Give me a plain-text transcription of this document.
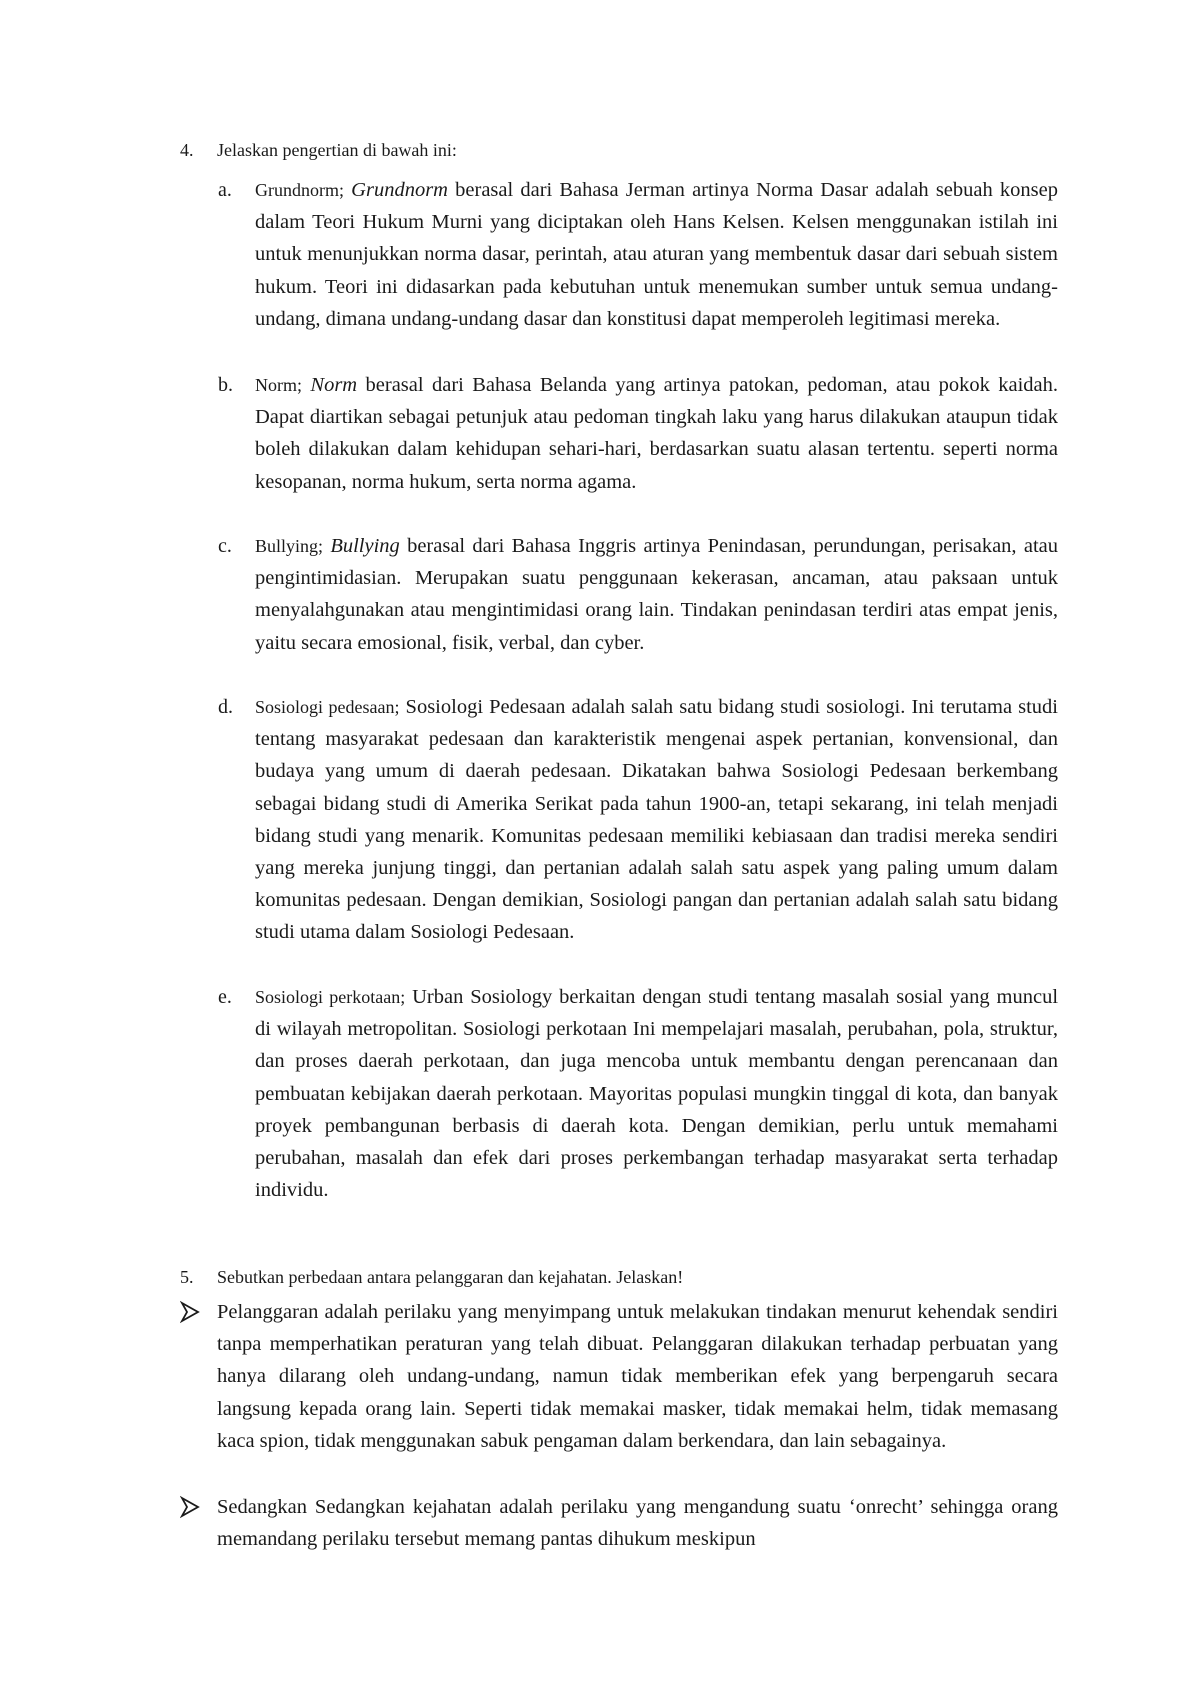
4. Jelaskan pengertian di bawah ini:
a. Grundnorm; Grundnorm berasal dari Bahasa Jerman artinya Norma Dasar adalah sebuah konsep dalam Teori Hukum Murni yang diciptakan oleh Hans Kelsen. Kelsen menggunakan istilah ini untuk menunjukkan norma dasar, perintah, atau aturan yang membentuk dasar dari sebuah sistem hukum. Teori ini didasarkan pada kebutuhan untuk menemukan sumber untuk semua undang-undang, dimana undang-undang dasar dan konstitusi dapat memperoleh legitimasi mereka.
b. Norm; Norm berasal dari Bahasa Belanda yang artinya patokan, pedoman, atau pokok kaidah. Dapat diartikan sebagai petunjuk atau pedoman tingkah laku yang harus dilakukan ataupun tidak boleh dilakukan dalam kehidupan sehari-hari, berdasarkan suatu alasan tertentu. seperti norma kesopanan, norma hukum, serta norma agama.
c. Bullying; Bullying berasal dari Bahasa Inggris artinya Penindasan, perundungan, perisakan, atau pengintimidasian. Merupakan suatu penggunaan kekerasan, ancaman, atau paksaan untuk menyalahgunakan atau mengintimidasi orang lain. Tindakan penindasan terdiri atas empat jenis, yaitu secara emosional, fisik, verbal, dan cyber.
d. Sosiologi pedesaan; Sosiologi Pedesaan adalah salah satu bidang studi sosiologi. Ini terutama studi tentang masyarakat pedesaan dan karakteristik mengenai aspek pertanian, konvensional, dan budaya yang umum di daerah pedesaan. Dikatakan bahwa Sosiologi Pedesaan berkembang sebagai bidang studi di Amerika Serikat pada tahun 1900-an, tetapi sekarang, ini telah menjadi bidang studi yang menarik. Komunitas pedesaan memiliki kebiasaan dan tradisi mereka sendiri yang mereka junjung tinggi, dan pertanian adalah salah satu aspek yang paling umum dalam komunitas pedesaan. Dengan demikian, Sosiologi pangan dan pertanian adalah salah satu bidang studi utama dalam Sosiologi Pedesaan.
e. Sosiologi perkotaan; Urban Sosiology berkaitan dengan studi tentang masalah sosial yang muncul di wilayah metropolitan. Sosiologi perkotaan Ini mempelajari masalah, perubahan, pola, struktur, dan proses daerah perkotaan, dan juga mencoba untuk membantu dengan perencanaan dan pembuatan kebijakan daerah perkotaan. Mayoritas populasi mungkin tinggal di kota, dan banyak proyek pembangunan berbasis di daerah kota. Dengan demikian, perlu untuk memahami perubahan, masalah dan efek dari proses perkembangan terhadap masyarakat serta terhadap individu.
5. Sebutkan perbedaan antara pelanggaran dan kejahatan. Jelaskan!
Pelanggaran adalah perilaku yang menyimpang untuk melakukan tindakan menurut kehendak sendiri tanpa memperhatikan peraturan yang telah dibuat. Pelanggaran dilakukan terhadap perbuatan yang hanya dilarang oleh undang-undang, namun tidak memberikan efek yang berpengaruh secara langsung kepada orang lain. Seperti tidak memakai masker, tidak memakai helm, tidak memasang kaca spion, tidak menggunakan sabuk pengaman dalam berkendara, dan lain sebagainya.
Sedangkan Sedangkan kejahatan adalah perilaku yang mengandung suatu ‘onrecht’ sehingga orang memandang perilaku tersebut memang pantas dihukum meskipun
